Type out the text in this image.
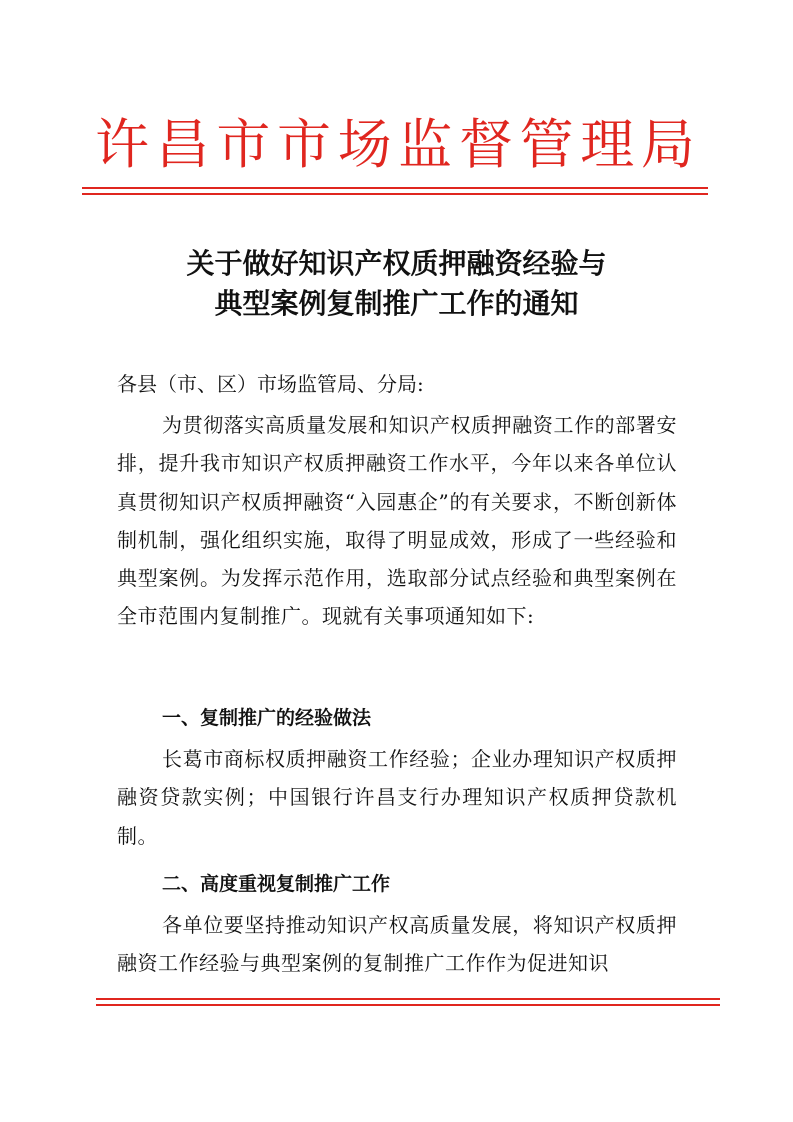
许 昌 市 市 场 监 督 管 理 局
关于做好知识产权质押融资经验与
典型案例复制推广工作的通知
各县（市、区）市场监管局、分局:
为贯彻落实高质量发展和知识产权质押融资工作的部署安排，提升我市知识产权质押融资工作水平，今年以来各单位认真贯彻知识产权质押融资“入园惠企”的有关要求，不断创新体制机制，强化组织实施，取得了明显成效，形成了一些经验和典型案例。为发挥示范作用，选取部分试点经验和典型案例在全市范围内复制推广。现就有关事项通知如下:
一、复制推广的经验做法
长葛市商标权质押融资工作经验；企业办理知识产权质押融资贷款实例；中国银行许昌支行办理知识产权质押贷款机制。
二、高度重视复制推广工作
各单位要坚持推动知识产权高质量发展，将知识产权质押融资工作经验与典型案例的复制推广工作作为促进知识
